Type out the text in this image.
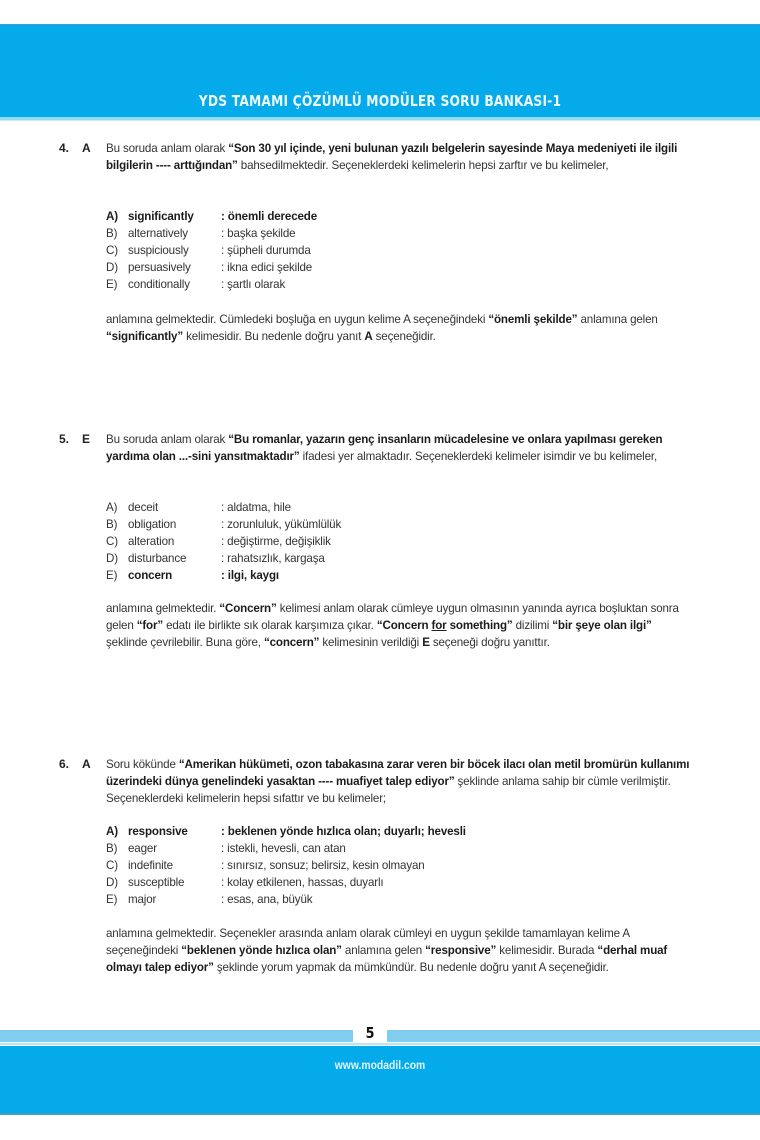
YDS TAMAMI ÇÖZÜMLÜ MODÜLER SORU BANKASI-1
4. A Bu soruda anlam olarak “Son 30 yıl içinde, yeni bulunan yazılı belgelerin sayesinde Maya medeniyeti ile ilgili bilgilerin ---- arttığından” bahsedilmektedir. Seçeneklerdeki kelimelerin hepsi zarftır ve bu kelimeler,
A) significantly : önemli derecede
B) alternatively	: başka şekilde
C) suspiciously	: şüpheli durumda
D) persuasively	: ikna edici şekilde
E) conditionally	: şartlı olarak
anlamına gelmektedir. Cümledeki boşluğa en uygun kelime A seçeneğindeki “önemli şekilde” anlamına gelen “significantly” kelimesidir. Bu nedenle doğru yanıt A seçeneğidir.
5. E Bu soruda anlam olarak “Bu romanlar, yazarın genç insanların mücadelesine ve onlara yapılması gereken yardıma olan ...-sini yansıtmaktadır” ifadesi yer almaktadır. Seçeneklerdeki kelimeler isimdir ve bu kelimeler,
A) deceit	: aldatma, hile
B) obligation	: zorunluluk, yükümlülük
C) alteration	: değiştirme, değişiklik
D) disturbance	: rahatsızlık, kargaşa
E) concern	: ilgi, kaygı
anlamına gelmektedir. “Concern” kelimesi anlam olarak cümleye uygun olmasının yanında ayrıca boşluktan sonra gelen “for” edatı ile birlikte sık olarak karşımıza çıkar. “Concern for something” dizilimi “bir şeye olan ilgi” şeklinde çevrilebilir. Buna göre, “concern” kelimesinin verildiği E seçeneği doğru yanıttır.
6. A Soru kökünde “Amerikan hükümeti, ozon tabakasına zarar veren bir böcek ilacı olan metil bromürün kullanımı üzerindeki dünya genelindeki yasaktan ---- muafiyet talep ediyor” şeklinde anlama sahip bir cümle verilmiştir. Seçeneklerdeki kelimelerin hepsi sıfattır ve bu kelimeler;
A) responsive	: beklenen yönde hızlıca olan; duyarlı; hevesli
B) eager	: istekli, hevesli, can atan
C) indefinite	: sınırsız, sonsuz; belirsiz, kesin olmayan
D) susceptible	: kolay etkilenen, hassas, duyarlı
E) major	: esas, ana, büyük
anlamına gelmektedir. Seçenekler arasında anlam olarak cümleyi en uygun şekilde tamamlayan kelime A seçeneğindeki “beklenen yönde hızlıca olan” anlamına gelen “responsive” kelimesidir. Burada “derhal muaf olmayı talep ediyor” şeklinde yorum yapmak da mümkündür. Bu nedenle doğru yanıt A seçeneğidir.
5
www.modadil.com
